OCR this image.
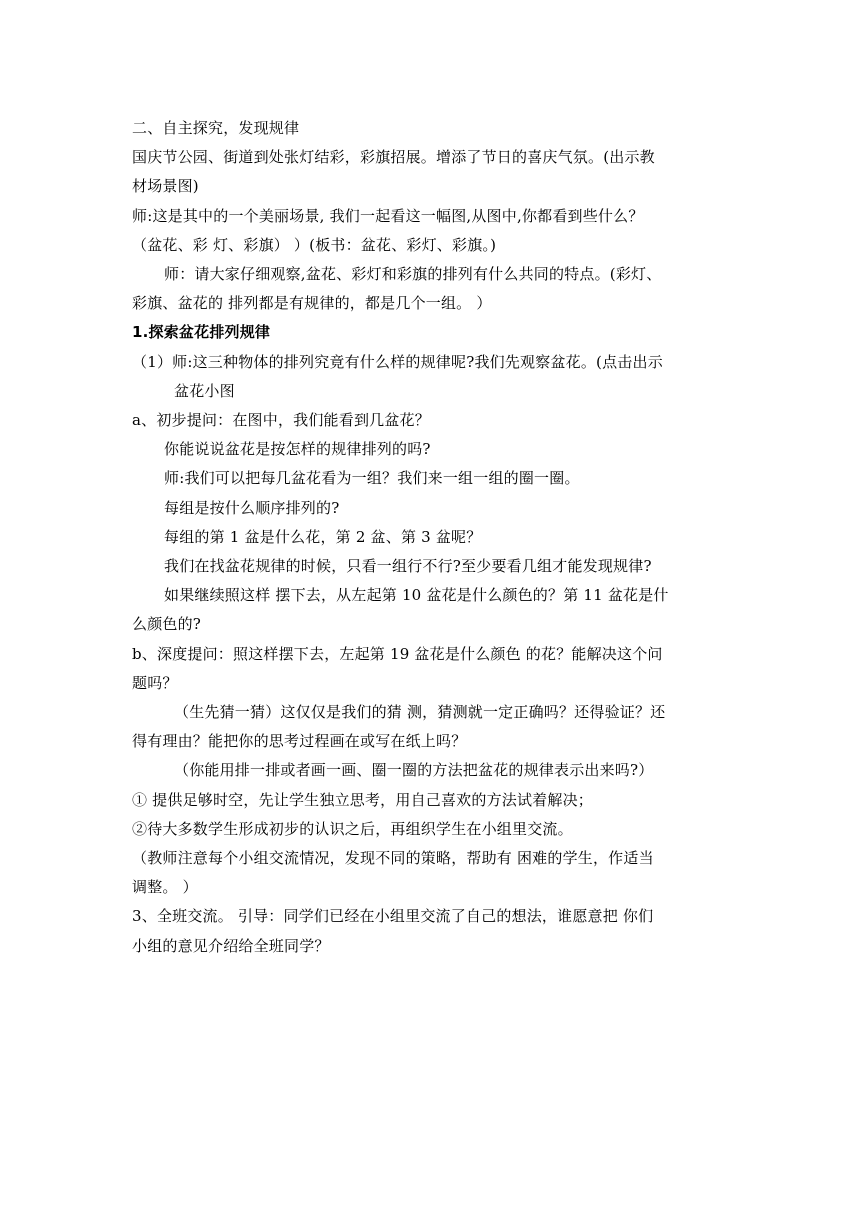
二、自主探究，发现规律
国庆节公园、街道到处张灯结彩，彩旗招展。增添了节日的喜庆气氛。(出示教
材场景图)
师:这是其中的一个美丽场景, 我们一起看这一幅图,从图中,你都看到些什么？
（盆花、彩 灯、彩旗） ）(板书：盆花、彩灯、彩旗。)
师：请大家仔细观察,盆花、彩灯和彩旗的排列有什么共同的特点。(彩灯、
彩旗、盆花的 排列都是有规律的，都是几个一组。 ）
1.探索盆花排列规律
（1）师:这三种物体的排列究竟有什么样的规律呢?我们先观察盆花。(点击出示
盆花小图
a、初步提问：在图中，我们能看到几盆花？
你能说说盆花是按怎样的规律排列的吗?
师:我们可以把每几盆花看为一组？我们来一组一组的圈一圈。
每组是按什么顺序排列的?
每组的第 1 盆是什么花，第 2 盆、第 3 盆呢？
我们在找盆花规律的时候，只看一组行不行?至少要看几组才能发现规律?
如果继续照这样 摆下去，从左起第 10 盆花是什么颜色的？第 11 盆花是什
么颜色的?
b、深度提问：照这样摆下去，左起第 19 盆花是什么颜色 的花？能解决这个问
题吗？
（生先猜一猜）这仅仅是我们的猜 测，猜测就一定正确吗？还得验证？还
得有理由？能把你的思考过程画在或写在纸上吗？
（你能用排一排或者画一画、圈一圈的方法把盆花的规律表示出来吗?）
① 提供足够时空，先让学生独立思考，用自己喜欢的方法试着解决；
②待大多数学生形成初步的认识之后，再组织学生在小组里交流。
（教师注意每个小组交流情况，发现不同的策略，帮助有 困难的学生，作适当
调整。 ）
3、全班交流。 引导：同学们已经在小组里交流了自己的想法，谁愿意把 你们
小组的意见介绍给全班同学？
